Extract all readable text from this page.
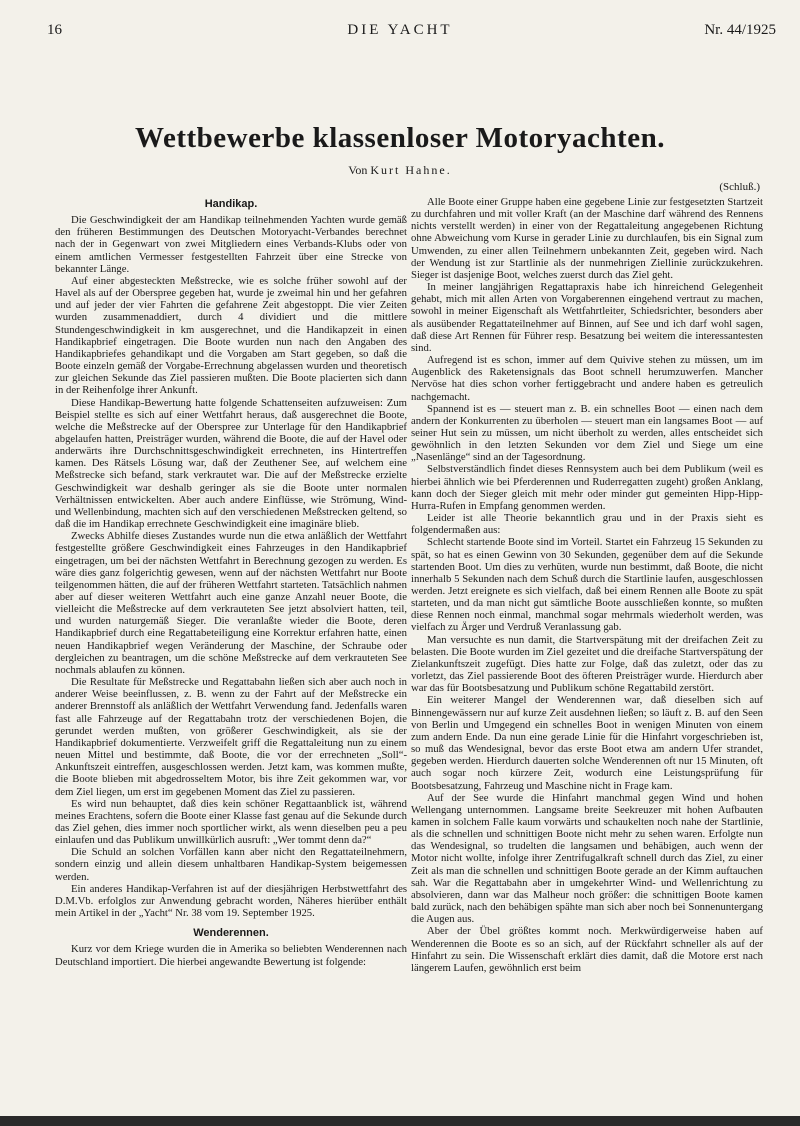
16	DIE YACHT	Nr. 44/1925
Wettbewerbe klassenloser Motoryachten.
Von Kurt Hahne.
(Schluß.)
Handikap.

Die Geschwindigkeit der am Handikap teilnehmenden Yachten wurde gemäß den früheren Bestimmungen des Deutschen Motoryacht-Verbandes berechnet nach der in Gegenwart von zwei Mitgliedern eines Verbands-Klubs oder von einem amtlichen Vermesser festgestellten Fahrzeit über eine Strecke von bekannter Länge.

Auf einer abgesteckten Meßstrecke, wie es solche früher sowohl auf der Havel als auf der Oberspree gegeben hat, wurde je zweimal hin und her gefahren und auf jeder der vier Fahrten die gefahrene Zeit abgestoppt. Die vier Zeiten wurden zusammenaddiert, durch 4 dividiert und die mittlere Stundengeschwindigkeit in km ausgerechnet, und die Handikapzeit in einen Handikapbrief eingetragen. Die Boote wurden nun nach den Angaben des Handikapbriefes gehandikapt und die Vorgaben am Start gegeben, so daß die Boote einzeln gemäß der Vorgabe-Errechnung abgelassen wurden und theoretisch zur gleichen Sekunde das Ziel passieren mußten. Die Boote placierten sich dann in der Reihenfolge ihrer Ankunft.

Diese Handikap-Bewertung hatte folgende Schattenseiten aufzuweisen: Zum Beispiel stellte es sich auf einer Wettfahrt heraus, daß ausgerechnet die Boote, welche die Meßstrecke auf der Oberspree zur Unterlage für den Handikapbrief abgelaufen hatten, Preisträger wurden, während die Boote, die auf der Havel oder anderwärts ihre Durchschnittsgeschwindigkeit errechneten, ins Hintertreffen kamen. Des Rätsels Lösung war, daß der Zeuthener See, auf welchem eine Meßstrecke sich befand, stark verkrautet war. Die auf der Meßstrecke erzielte Geschwindigkeit war deshalb geringer als sie die Boote unter normalen Verhältnissen entwickelten. Aber auch andere Einflüsse, wie Strömung, Wind- und Wellenbindung, machten sich auf den verschiedenen Meßstrecken geltend, so daß die im Handikap errechnete Geschwindigkeit eine imaginäre blieb.

Zwecks Abhilfe dieses Zustandes wurde nun die etwa anläßlich der Wettfahrt festgestellte größere Geschwindigkeit eines Fahrzeuges in den Handikapbrief eingetragen, um bei der nächsten Wettfahrt in Berechnung gezogen zu werden. Es wäre dies ganz folgerichtig gewesen, wenn auf der nächsten Wettfahrt nur Boote teilgenommen hätten, die auf der früheren Wettfahrt starteten. Tatsächlich nahmen aber auf dieser weiteren Wettfahrt auch eine ganze Anzahl neuer Boote, die vielleicht die Meßstrecke auf dem verkrauteten See jetzt absolviert hatten, teil, und wurden naturgemäß Sieger. Die veranlaßte wieder die Boote, deren Handikapbrief durch eine Regattabeteiligung eine Korrektur erfahren hatte, einen neuen Handikapbrief wegen Veränderung der Maschine, der Schraube oder dergleichen zu beantragen, um die schöne Meßstrecke auf dem verkrauteten See nochmals ablaufen zu können.

Die Resultate für Meßstrecke und Regattabahn ließen sich aber auch noch in anderer Weise beeinflussen, z. B. wenn zu der Fahrt auf der Meßstrecke ein anderer Brennstoff als anläßlich der Wettfahrt Verwendung fand. Jedenfalls waren fast alle Fahrzeuge auf der Regattabahn trotz der verschiedenen Bojen, die gerundet werden mußten, von größerer Geschwindigkeit, als sie der Handikapbrief dokumentierte. Verzweifelt griff die Regattaleitung nun zu einem neuen Mittel und bestimmte, daß Boote, die vor der errechneten „Soll“-Ankunftszeit eintreffen, ausgeschlossen werden. Jetzt kam, was kommen mußte, die Boote blieben mit abgedrosseltem Motor, bis ihre Zeit gekommen war, vor dem Ziel liegen, um erst im gegebenen Moment das Ziel zu passieren.

Es wird nun behauptet, daß dies kein schöner Regattaanblick ist, während meines Erachtens, sofern die Boote einer Klasse fast genau auf die Sekunde durch das Ziel gehen, dies immer noch sportlicher wirkt, als wenn dieselben peu a peu einlaufen und das Publikum unwillkürlich ausruft: „Wer tommt denn da?“

Die Schuld an solchen Vorfällen kann aber nicht den Regattateilnehmern, sondern einzig und allein diesem unhaltbaren Handikap-System beigemessen werden.

Ein anderes Handikap-Verfahren ist auf der diesjährigen Herbstwettfahrt des D.M.Vb. erfolglos zur Anwendung gebracht worden, Näheres hierüber enthält mein Artikel in der „Yacht“ Nr. 38 vom 19. September 1925.

Wenderennen.

Kurz vor dem Kriege wurden die in Amerika so beliebten Wenderennen nach Deutschland importiert. Die hierbei angewandte Bewertung ist folgende:

Alle Boote einer Gruppe haben eine gegebene Linie zur festgesetzten Startzeit zu durchfahren und mit voller Kraft (an der Maschine darf während des Rennens nichts verstellt werden) in einer von der Regattaleitung angegebenen Richtung ohne Abweichung vom Kurse in gerader Linie zu durchlaufen, bis ein Signal zum Umwenden, zu einer allen Teilnehmern unbekannten Zeit, gegeben wird. Nach der Wendung ist zur Startlinie als der nunmehrigen Ziellinie zurückzukehren. Sieger ist dasjenige Boot, welches zuerst durch das Ziel geht.

In meiner langjährigen Regattapraxis habe ich hinreichend Gelegenheit gehabt, mich mit allen Arten von Vorgaberennen eingehend vertraut zu machen, sowohl in meiner Eigenschaft als Wettfahrtleiter, Schiedsrichter, besonders aber als ausübender Regattateilnehmer auf Binnen, auf See und ich darf wohl sagen, daß diese Art Rennen für Führer resp. Besatzung bei weitem die interessantesten sind.

Aufregend ist es schon, immer auf dem Quivive stehen zu müssen, um im Augenblick des Raketensignals das Boot schnell herumzuwerfen. Mancher Nervöse hat dies schon vorher fertiggebracht und andere haben es getreulich nachgemacht.

Spannend ist es — steuert man z. B. ein schnelles Boot — einen nach dem andern der Konkurrenten zu überholen — steuert man ein langsames Boot — auf seiner Hut sein zu müssen, um nicht überholt zu werden, alles entscheidet sich gewöhnlich in den letzten Sekunden vor dem Ziel und Siege um eine „Nasenlänge“ sind an der Tagesordnung.

Selbstverständlich findet dieses Rennsystem auch bei dem Publikum (weil es hierbei ähnlich wie bei Pferderennen und Ruderregatten zugeht) großen Anklang, kann doch der Sieger gleich mit mehr oder minder gut gemeinten Hipp-Hipp-Hurra-Rufen in Empfang genommen werden.

Leider ist alle Theorie bekanntlich grau und in der Praxis sieht es folgendermaßen aus:

Schlecht startende Boote sind im Vorteil. Startet ein Fahrzeug 15 Sekunden zu spät, so hat es einen Gewinn von 30 Sekunden, gegenüber dem auf die Sekunde startenden Boot. Um dies zu verhüten, wurde nun bestimmt, daß Boote, die nicht innerhalb 5 Sekunden nach dem Schuß durch die Startlinie laufen, ausgeschlossen werden. Jetzt ereignete es sich vielfach, daß bei einem Rennen alle Boote zu spät starteten, und da man nicht gut sämtliche Boote ausschließen konnte, so mußten diese Rennen noch einmal, manchmal sogar mehrmals wiederholt werden, was vielfach zu Ärger und Verdruß Veranlassung gab.

Man versuchte es nun damit, die Startverspätung mit der dreifachen Zeit zu belasten. Die Boote wurden im Ziel gezeitet und die dreifache Startverspätung der Zielankunftszeit zugefügt. Dies hatte zur Folge, daß das zuletzt, oder das zu vorletzt, das Ziel passierende Boot des öfteren Preisträger wurde. Hierdurch aber war das für Bootsbesatzung und Publikum schöne Regattabild zerstört.

Ein weiterer Mangel der Wenderennen war, daß dieselben sich auf Binnengewässern nur auf kurze Zeit ausdehnen ließen; so läuft z. B. auf den Seen von Berlin und Umgegend ein schnelles Boot in wenigen Minuten von einem zum andern Ende. Da nun eine gerade Linie für die Hinfahrt vorgeschrieben ist, so muß das Wendesignal, bevor das erste Boot etwa am andern Ufer strandet, gegeben werden. Hierdurch dauerten solche Wenderennen oft nur 15 Minuten, oft auch sogar noch kürzere Zeit, wodurch eine Leistungsprüfung für Bootsbesatzung, Fahrzeug und Maschine nicht in Frage kam.

Auf der See wurde die Hinfahrt manchmal gegen Wind und hohen Wellengang unternommen. Langsame breite Seekreuzer mit hohen Aufbauten kamen in solchem Falle kaum vorwärts und schaukelten noch nahe der Startlinie, als die schnellen und schnittigen Boote nicht mehr zu sehen waren. Erfolgte nun das Wendesignal, so trudelten die langsamen und behäbigen, auch wenn der Motor nicht wollte, infolge ihrer Zentrifugalkraft schnell durch das Ziel, zu einer Zeit als man die schnellen und schnittigen Boote gerade an der Kimm auftauchen sah. War die Regattabahn aber in umgekehrter Wind- und Wellenrichtung zu absolvieren, dann war das Malheur noch größer: die schnittigen Boote kamen bald zurück, nach den behäbigen spähte man sich aber noch bei Sonnenuntergang die Augen aus.

Aber der Übel größtes kommt noch. Merkwürdigerweise haben auf Wenderennen die Boote es so an sich, auf der Rückfahrt schneller als auf der Hinfahrt zu sein. Die Wissenschaft erklärt dies damit, daß die Motore erst nach längerem Laufen, gewöhnlich erst beim
